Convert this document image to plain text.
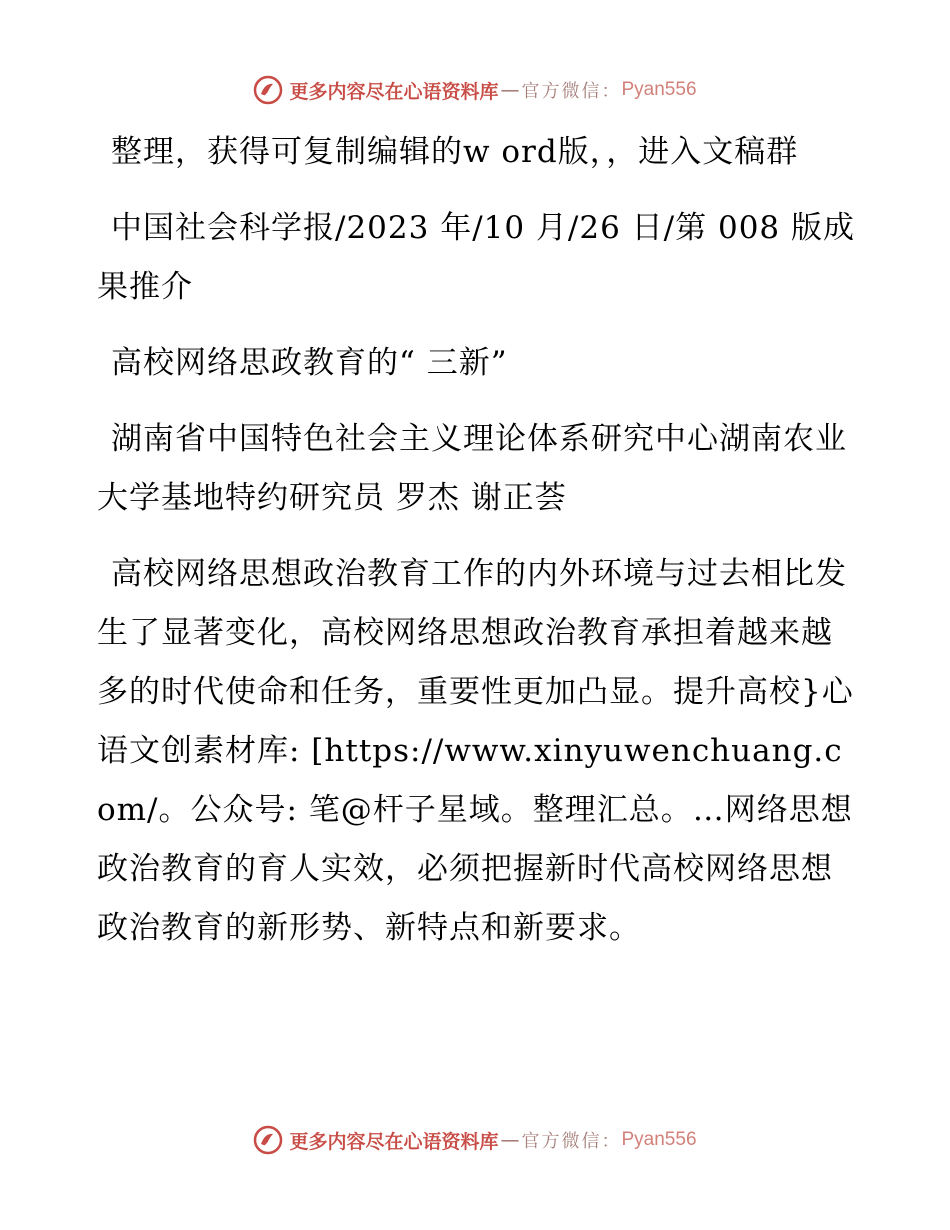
更多内容尽在心语资料库 — 官方微信： Pyan556

整理，获得可复制编辑的w ord版，，进入文稿群

中国社会科学报/2023 年/10 月/26 日/第 008 版成果推介

高校网络思政教育的“ 三新”

湖南省中国特色社会主义理论体系研究中心湖南农业大学基地特约研究员 罗杰 谢正荟

高校网络思想政治教育工作的内外环境与过去相比发生了显著变化，高校网络思想政治教育承担着越来越多的时代使命和任务，重要性更加凸显。提升高校}心语文创素材库: [https://www.xinyuwenchuang.com/。公众号: 笔@杆子星域。整理汇总。…网络思想政治教育的育人实效，必须把握新时代高校网络思想政治教育的新形势、新特点和新要求。

更多内容尽在心语资料库 — 官方微信： Pyan556
